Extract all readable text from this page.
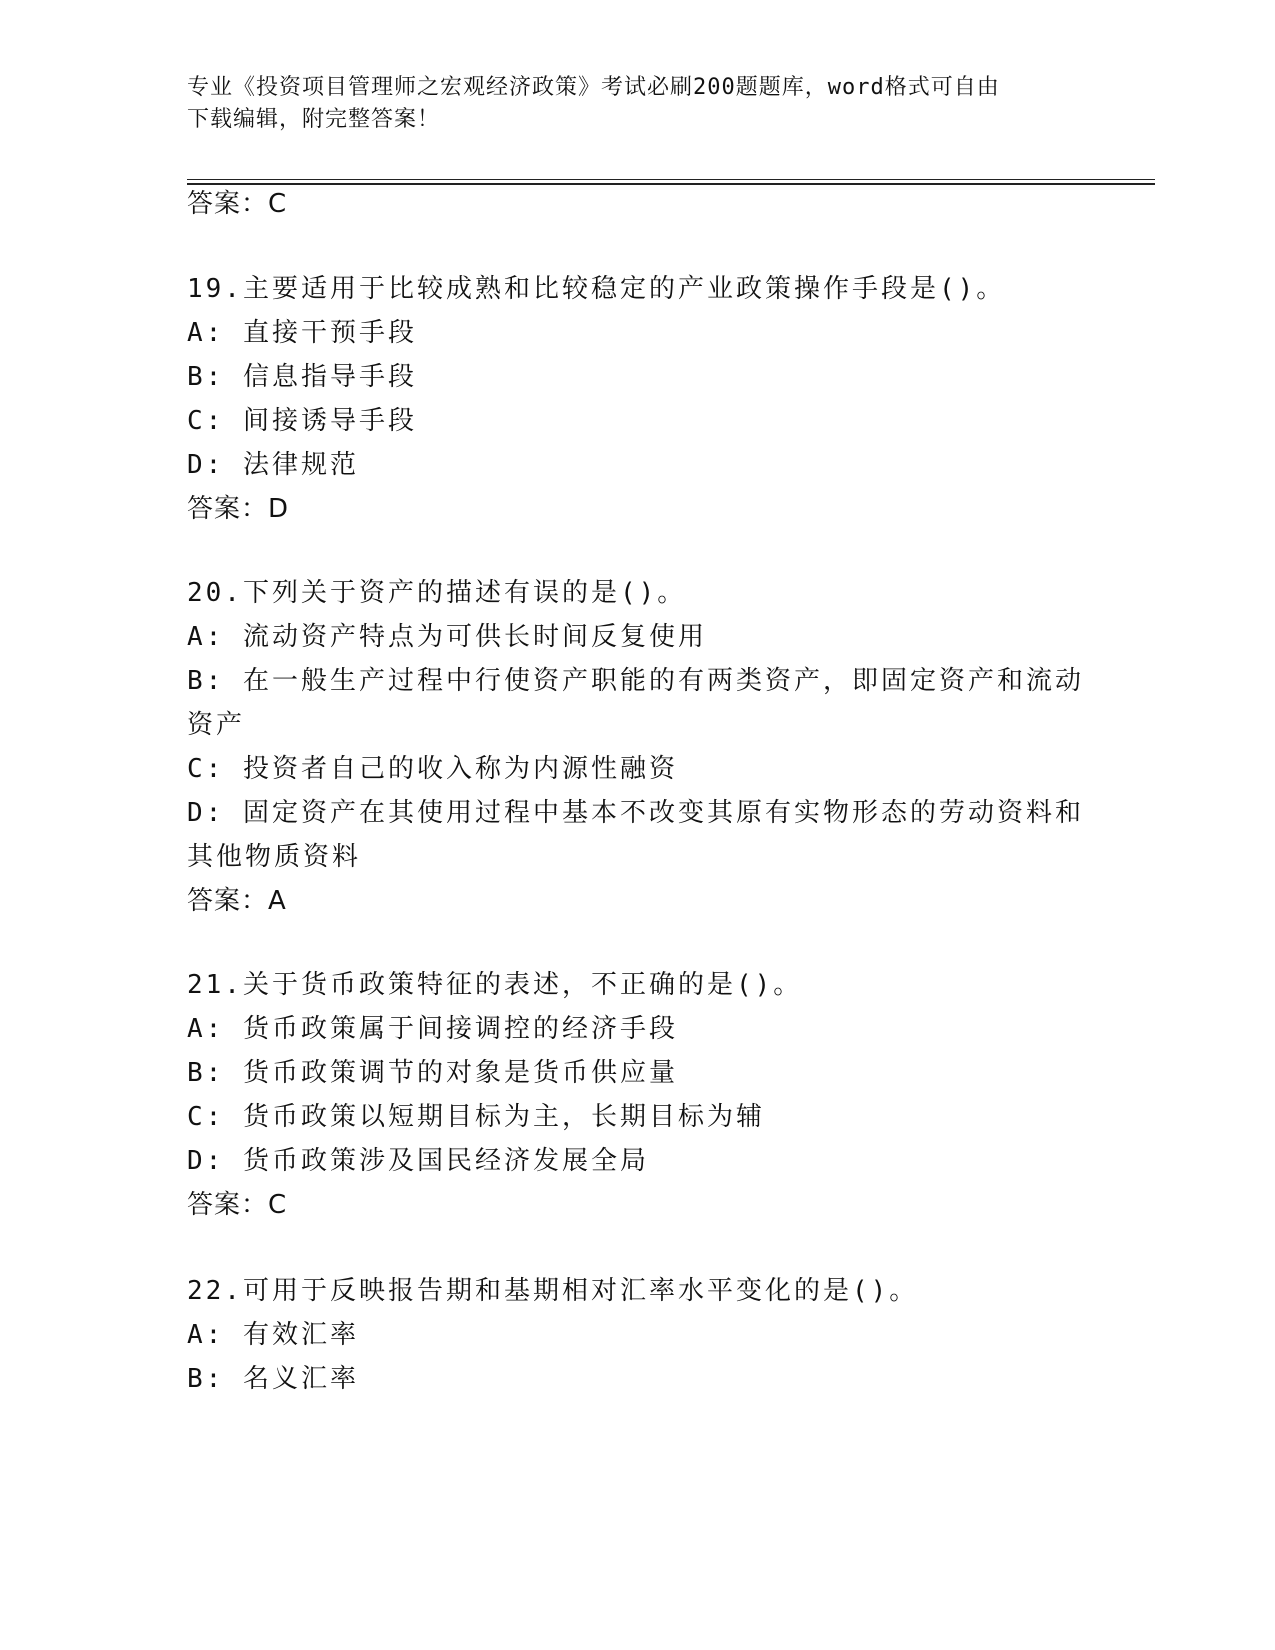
专业《投资项目管理师之宏观经济政策》考试必刷200题题库，word格式可自由
下载编辑，附完整答案！
答案：C
19.主要适用于比较成熟和比较稳定的产业政策操作手段是()。
A: 直接干预手段
B: 信息指导手段
C: 间接诱导手段
D: 法律规范
答案：D
20.下列关于资产的描述有误的是()。
A: 流动资产特点为可供长时间反复使用
B: 在一般生产过程中行使资产职能的有两类资产，即固定资产和流动
资产
C: 投资者自己的收入称为内源性融资
D: 固定资产在其使用过程中基本不改变其原有实物形态的劳动资料和
其他物质资料
答案：A
21.关于货币政策特征的表述，不正确的是()。
A: 货币政策属于间接调控的经济手段
B: 货币政策调节的对象是货币供应量
C: 货币政策以短期目标为主，长期目标为辅
D: 货币政策涉及国民经济发展全局
答案：C
22.可用于反映报告期和基期相对汇率水平变化的是()。
A: 有效汇率
B: 名义汇率
